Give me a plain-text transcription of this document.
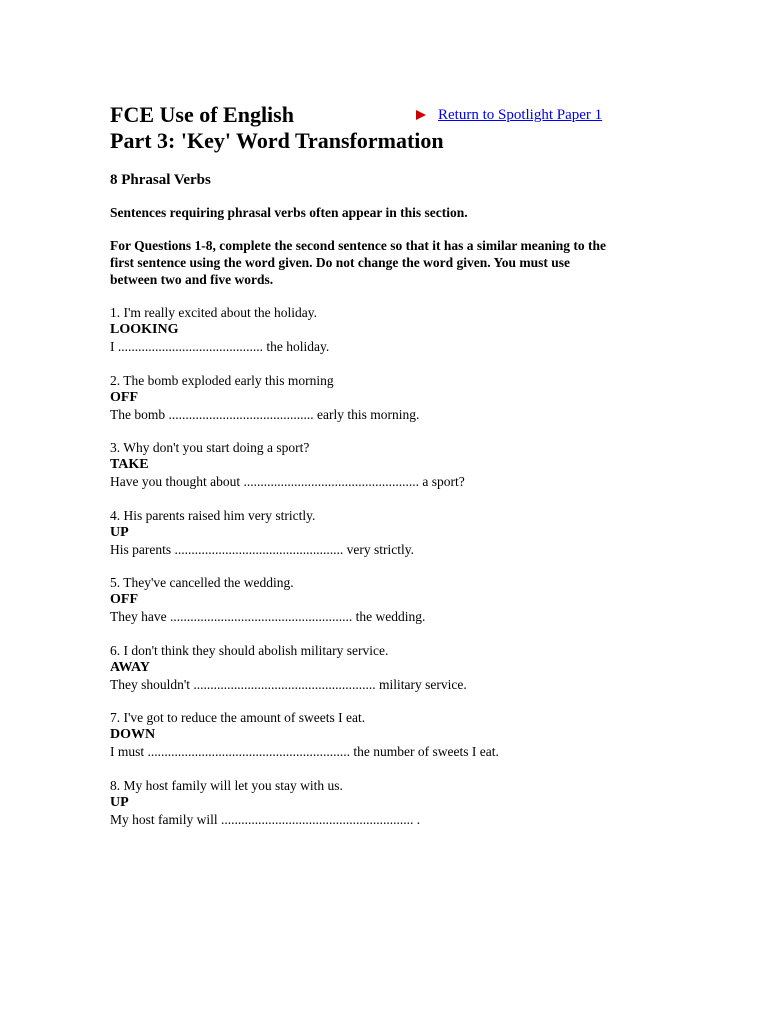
FCE Use of English
Part 3: 'Key' Word Transformation
Return to Spotlight Paper 1
8 Phrasal Verbs

Sentences requiring phrasal verbs often appear in this section.

For Questions 1-8, complete the second sentence so that it has a similar meaning to the first sentence using the word given. Do not change the word given. You must use between two and five words.

1. I'm really excited about the holiday.
LOOKING
I ........................................... the holiday.
2. The bomb exploded early this morning
OFF
The bomb ........................................... early this morning.
3. Why don't you start doing a sport?
TAKE
Have you thought about .................................................... a sport?
4. His parents raised him very strictly.
UP
His parents .................................................. very strictly.
5. They've cancelled the wedding.
OFF
They have ...................................................... the wedding.
6. I don't think they should abolish military service.
AWAY
They shouldn't ...................................................... military service.
7. I've got to reduce the amount of sweets I eat.
DOWN
I must ............................................................ the number of sweets I eat.
8. My host family will let you stay with us.
UP
My host family will ......................................................... .
